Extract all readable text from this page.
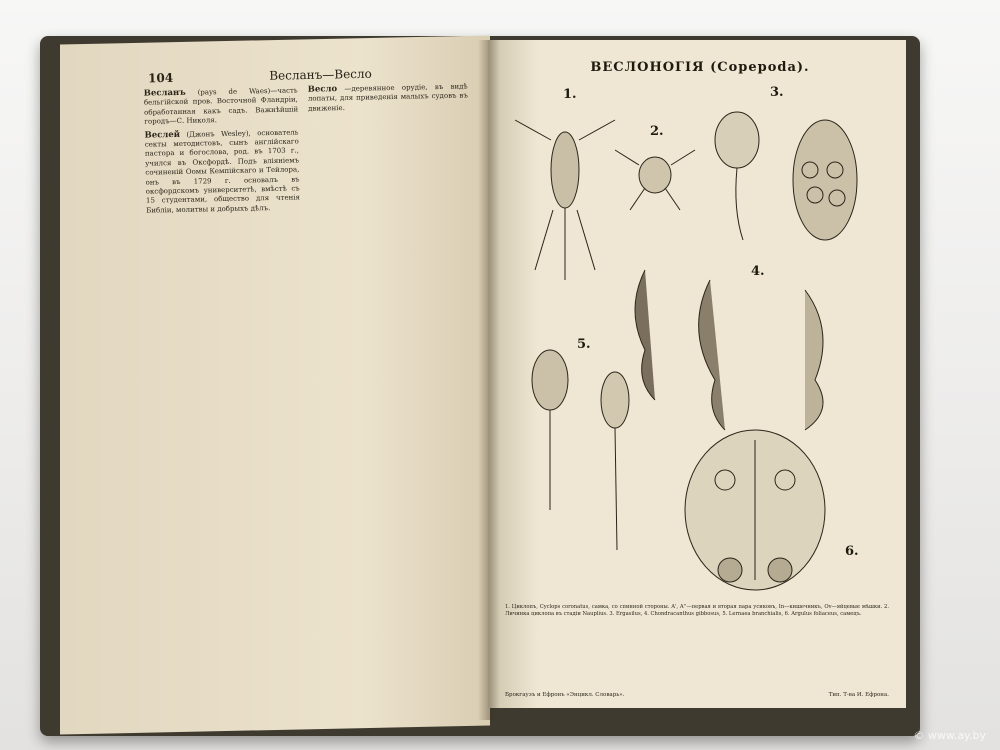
104	Весланъ—Весло

Весланъ (pays de Waes)—часть бельгійской пров. Восточной Фландріи, обработанная какъ садъ. Важнѣйшій городъ—С. Николя.

Веслей (Джонъ Wesley), основатель секты методистовъ, сынъ англійскаго пастора и богослова, род. въ 1703 г., учился въ Оксфордѣ. Подъ вліяніемъ сочиненій Оомы Кемпійскаго и Тейлора, онъ въ 1729 г. основалъ въ оксфордскомъ университетѣ, вмѣстѣ съ 15 студентами, общество для чтенія Библіи, молитвы и добрыхъ дѣлъ.

Весло —деревянное орудіе, въ видѣ лопаты, для приведенія малыхъ судовъ въ движеніе.

ВЕСЛОНОГІЯ (Copepoda).
1.
2.
3.
4.
5.
6.
1. Циклопъ, Cyclops coronatus, самка, со спинной стороны. A', A''—первая и вторая пара усиковъ, In—кишечникъ, Ov—яйцевые мѣшки. 2. Личинка циклопа въ стадіи Nauplius. 3. Ergasilus, 4. Chondracanthus gibbosus, 5. Lernaea branchialis, 6. Argulus foliaceus, самецъ.
Брокгаузъ и Ефронъ «Энцикл. Словарь».	Тип. Т-ва И. Ефрона.
© www.ay.by
